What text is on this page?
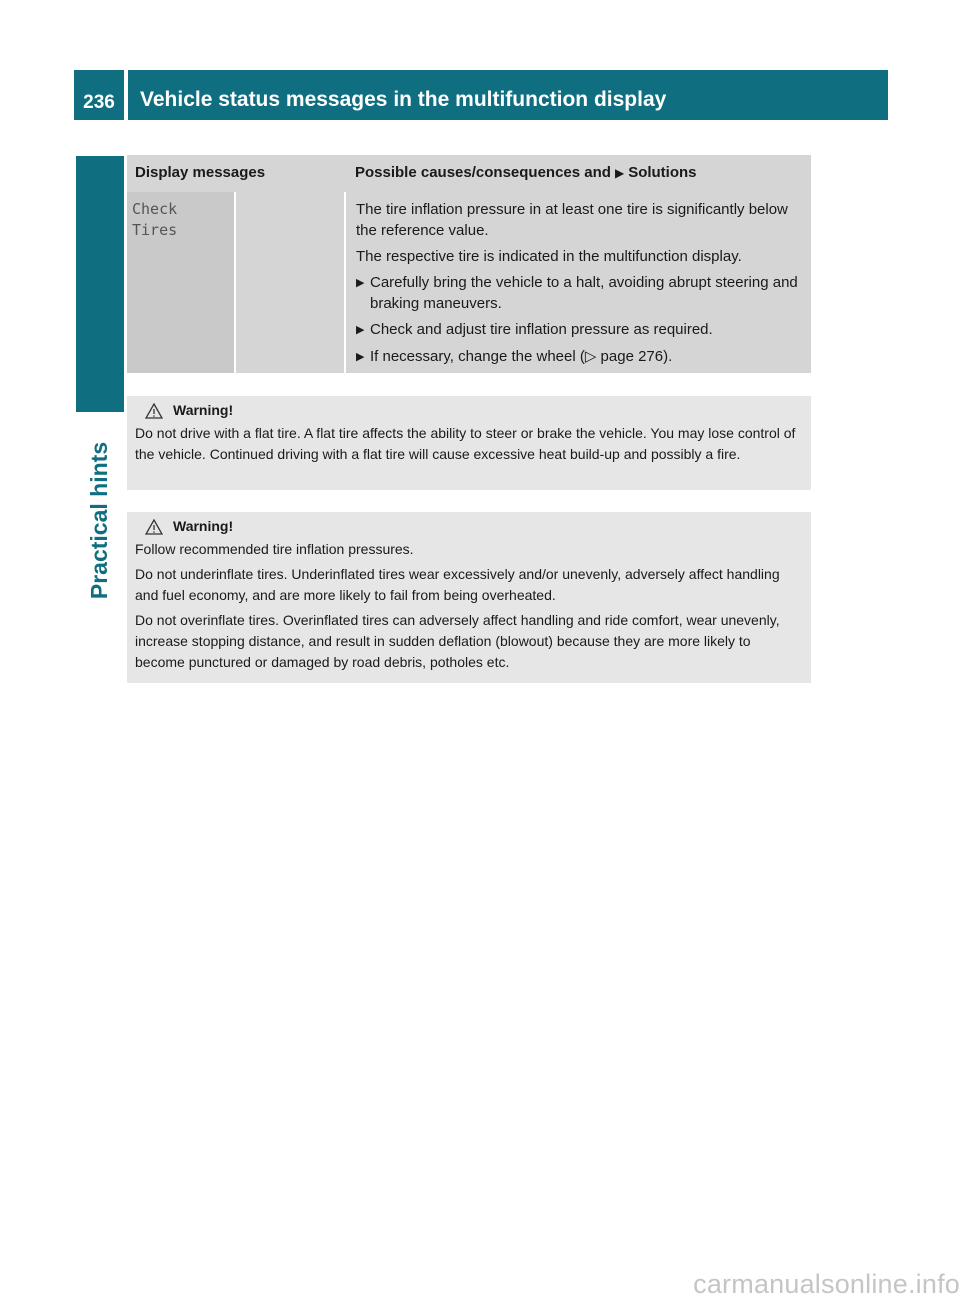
236	Vehicle status messages in the multifunction display
Practical hints
Display messages	Possible causes/consequences and ▶ Solutions
Check
Tires

The tire inflation pressure in at least one tire is significantly below the reference value.

The respective tire is indicated in the multifunction display.

▶ Carefully bring the vehicle to a halt, avoiding abrupt steering and braking maneuvers.
▶ Check and adjust tire inflation pressure as required.
▶ If necessary, change the wheel (▷ page 276).
Warning!

Do not drive with a flat tire. A flat tire affects the ability to steer or brake the vehicle. You may lose control of the vehicle. Continued driving with a flat tire will cause excessive heat build-up and possibly a fire.

Warning!

Follow recommended tire inflation pressures.

Do not underinflate tires. Underinflated tires wear excessively and/or unevenly, adversely affect handling and fuel economy, and are more likely to fail from being overheated.

Do not overinflate tires. Overinflated tires can adversely affect handling and ride comfort, wear unevenly, increase stopping distance, and result in sudden deflation (blowout) because they are more likely to become punctured or damaged by road debris, potholes etc.

carmanualsonline.info
